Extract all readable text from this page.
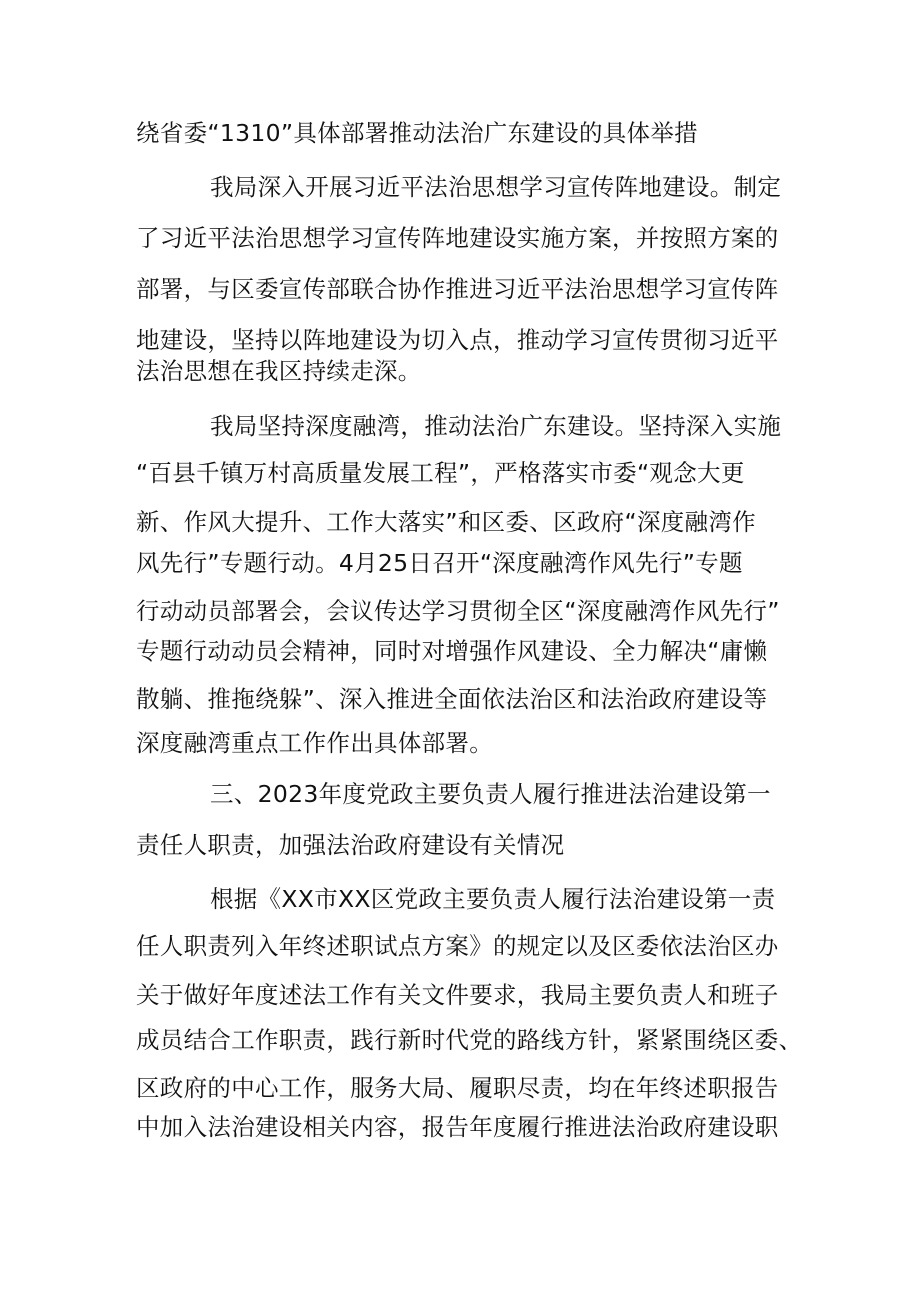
绕省委“1310”具体部署推动法治广东建设的具体举措
我局深入开展习近平法治思想学习宣传阵地建设。制定
了习近平法治思想学习宣传阵地建设实施方案，并按照方案的
部署，与区委宣传部联合协作推进习近平法治思想学习宣传阵
地建设，坚持以阵地建设为切入点，推动学习宣传贯彻习近平
法治思想在我区持续走深。
我局坚持深度融湾，推动法治广东建设。坚持深入实施
“百县千镇万村高质量发展工程”，严格落实市委“观念大更
新、作风大提升、工作大落实”和区委、区政府“深度融湾作
风先行”专题行动。4月25日召开“深度融湾作风先行”专题
行动动员部署会，会议传达学习贯彻全区“深度融湾作风先行”
专题行动动员会精神，同时对增强作风建设、全力解决“庸懒
散躺、推拖绕躲”、深入推进全面依法治区和法治政府建设等
深度融湾重点工作作出具体部署。
三、2023年度党政主要负责人履行推进法治建设第一
责任人职责，加强法治政府建设有关情况
根据《XX市XX区党政主要负责人履行法治建设第一责
任人职责列入年终述职试点方案》的规定以及区委依法治区办
关于做好年度述法工作有关文件要求，我局主要负责人和班子
成员结合工作职责，践行新时代党的路线方针，紧紧围绕区委、
区政府的中心工作，服务大局、履职尽责，均在年终述职报告
中加入法治建设相关内容，报告年度履行推进法治政府建设职
